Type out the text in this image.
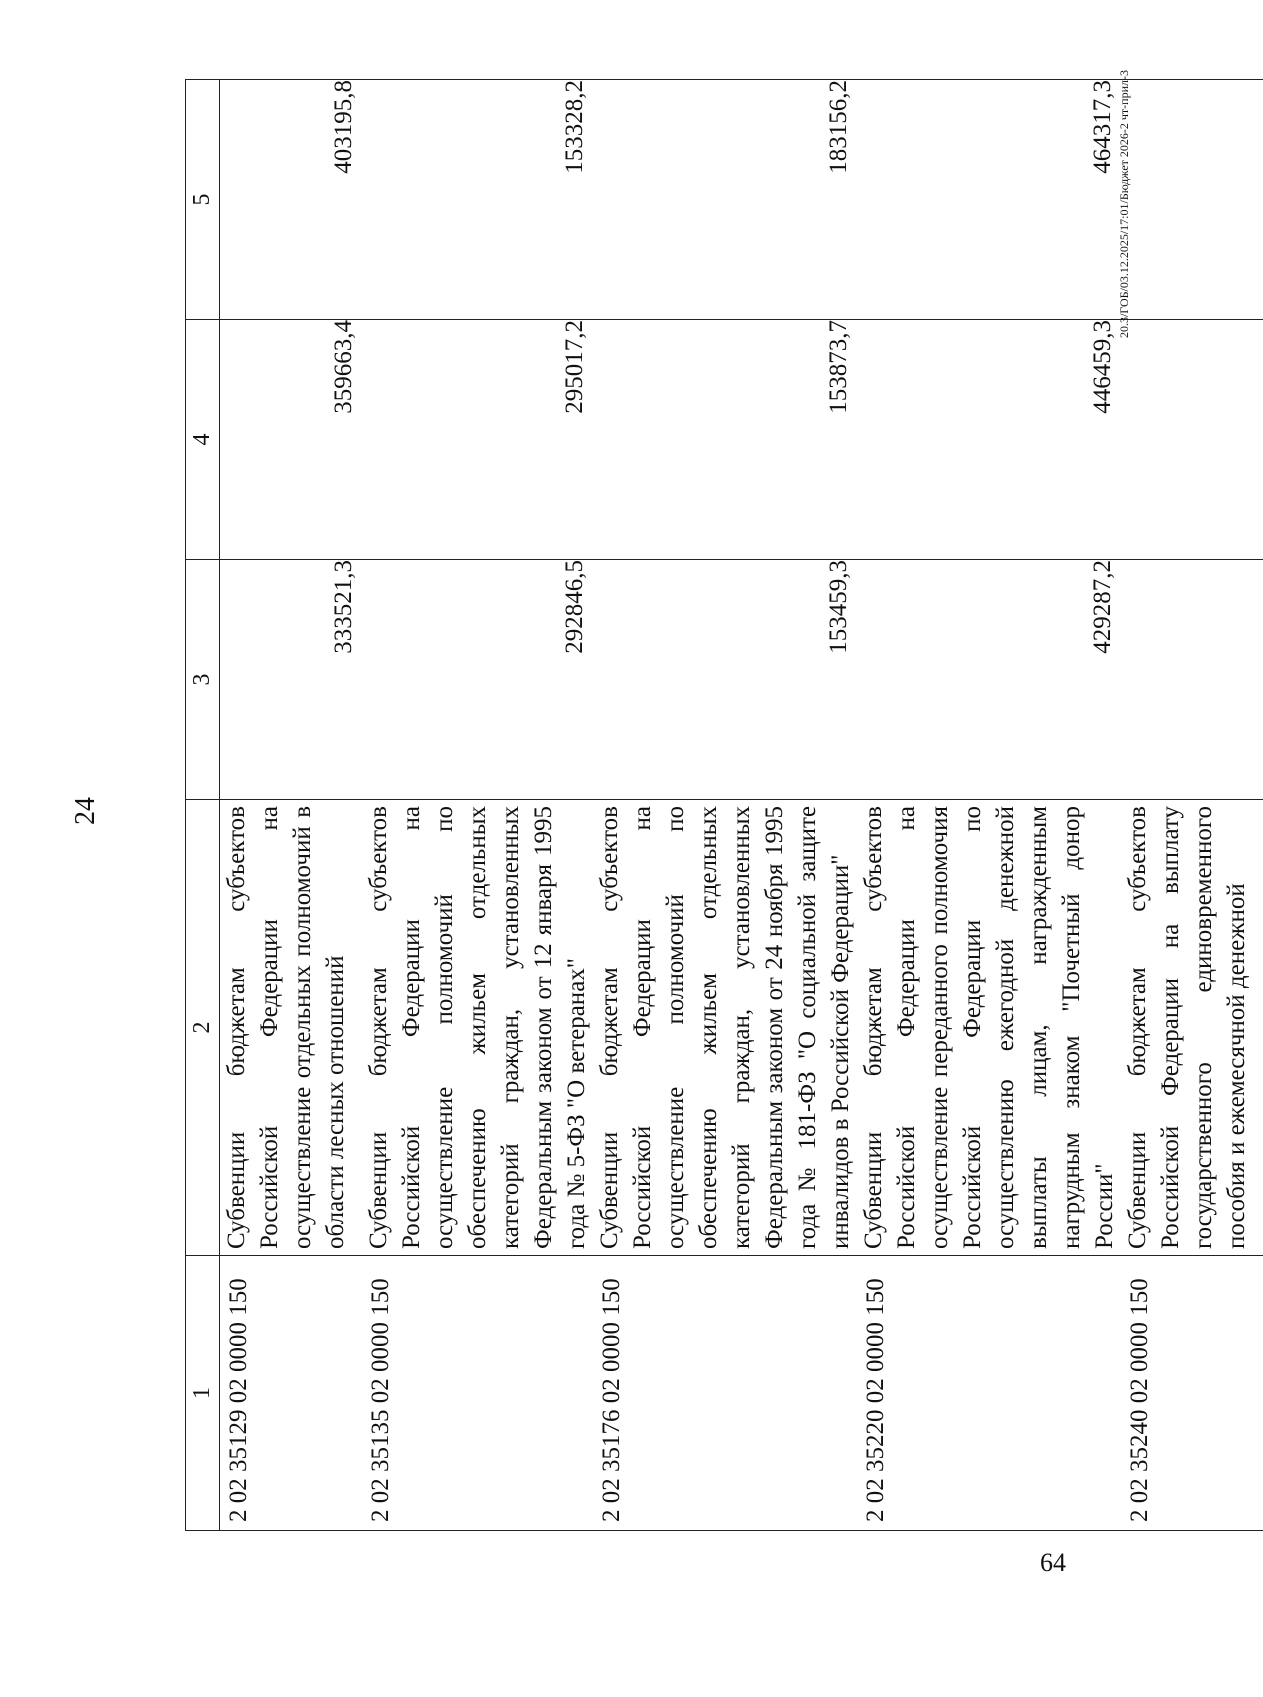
24
1	2	3	4	5
2 02 35129 02 0000 150	Субвенции бюджетам субъектов Российской Федерации на осуществление отдельных полномочий в области лесных отношений	333521,3	359663,4	403195,8
2 02 35135 02 0000 150	Субвенции бюджетам субъектов Российской Федерации на осуществление полномочий по обеспечению жильем отдельных категорий граждан, установленных Федеральным законом от 12 января 1995 года № 5-ФЗ "О ветеранах"	292846,5	295017,2	153328,2
2 02 35176 02 0000 150	Субвенции бюджетам субъектов Российской Федерации на осуществление полномочий по обеспечению жильем отдельных категорий граждан, установленных Федеральным законом от 24 ноября 1995 года № 181-ФЗ "О социальной защите инвалидов в Российской Федерации"	153459,3	153873,7	183156,2
2 02 35220 02 0000 150	Субвенции бюджетам субъектов Российской Федерации на осуществление переданного полномочия Российской Федерации по осуществлению ежегодной денежной выплаты лицам, награжденным нагрудным знаком "Почетный донор России"	429287,2	446459,3	464317,3
2 02 35240 02 0000 150	Субвенции бюджетам субъектов Российской Федерации на выплату государственного единовременного пособия и ежемесячной денежной			
20.3/ГОБ/03.12.2025/17:01/Бюджет 2026-2 чт-прил-3
64
